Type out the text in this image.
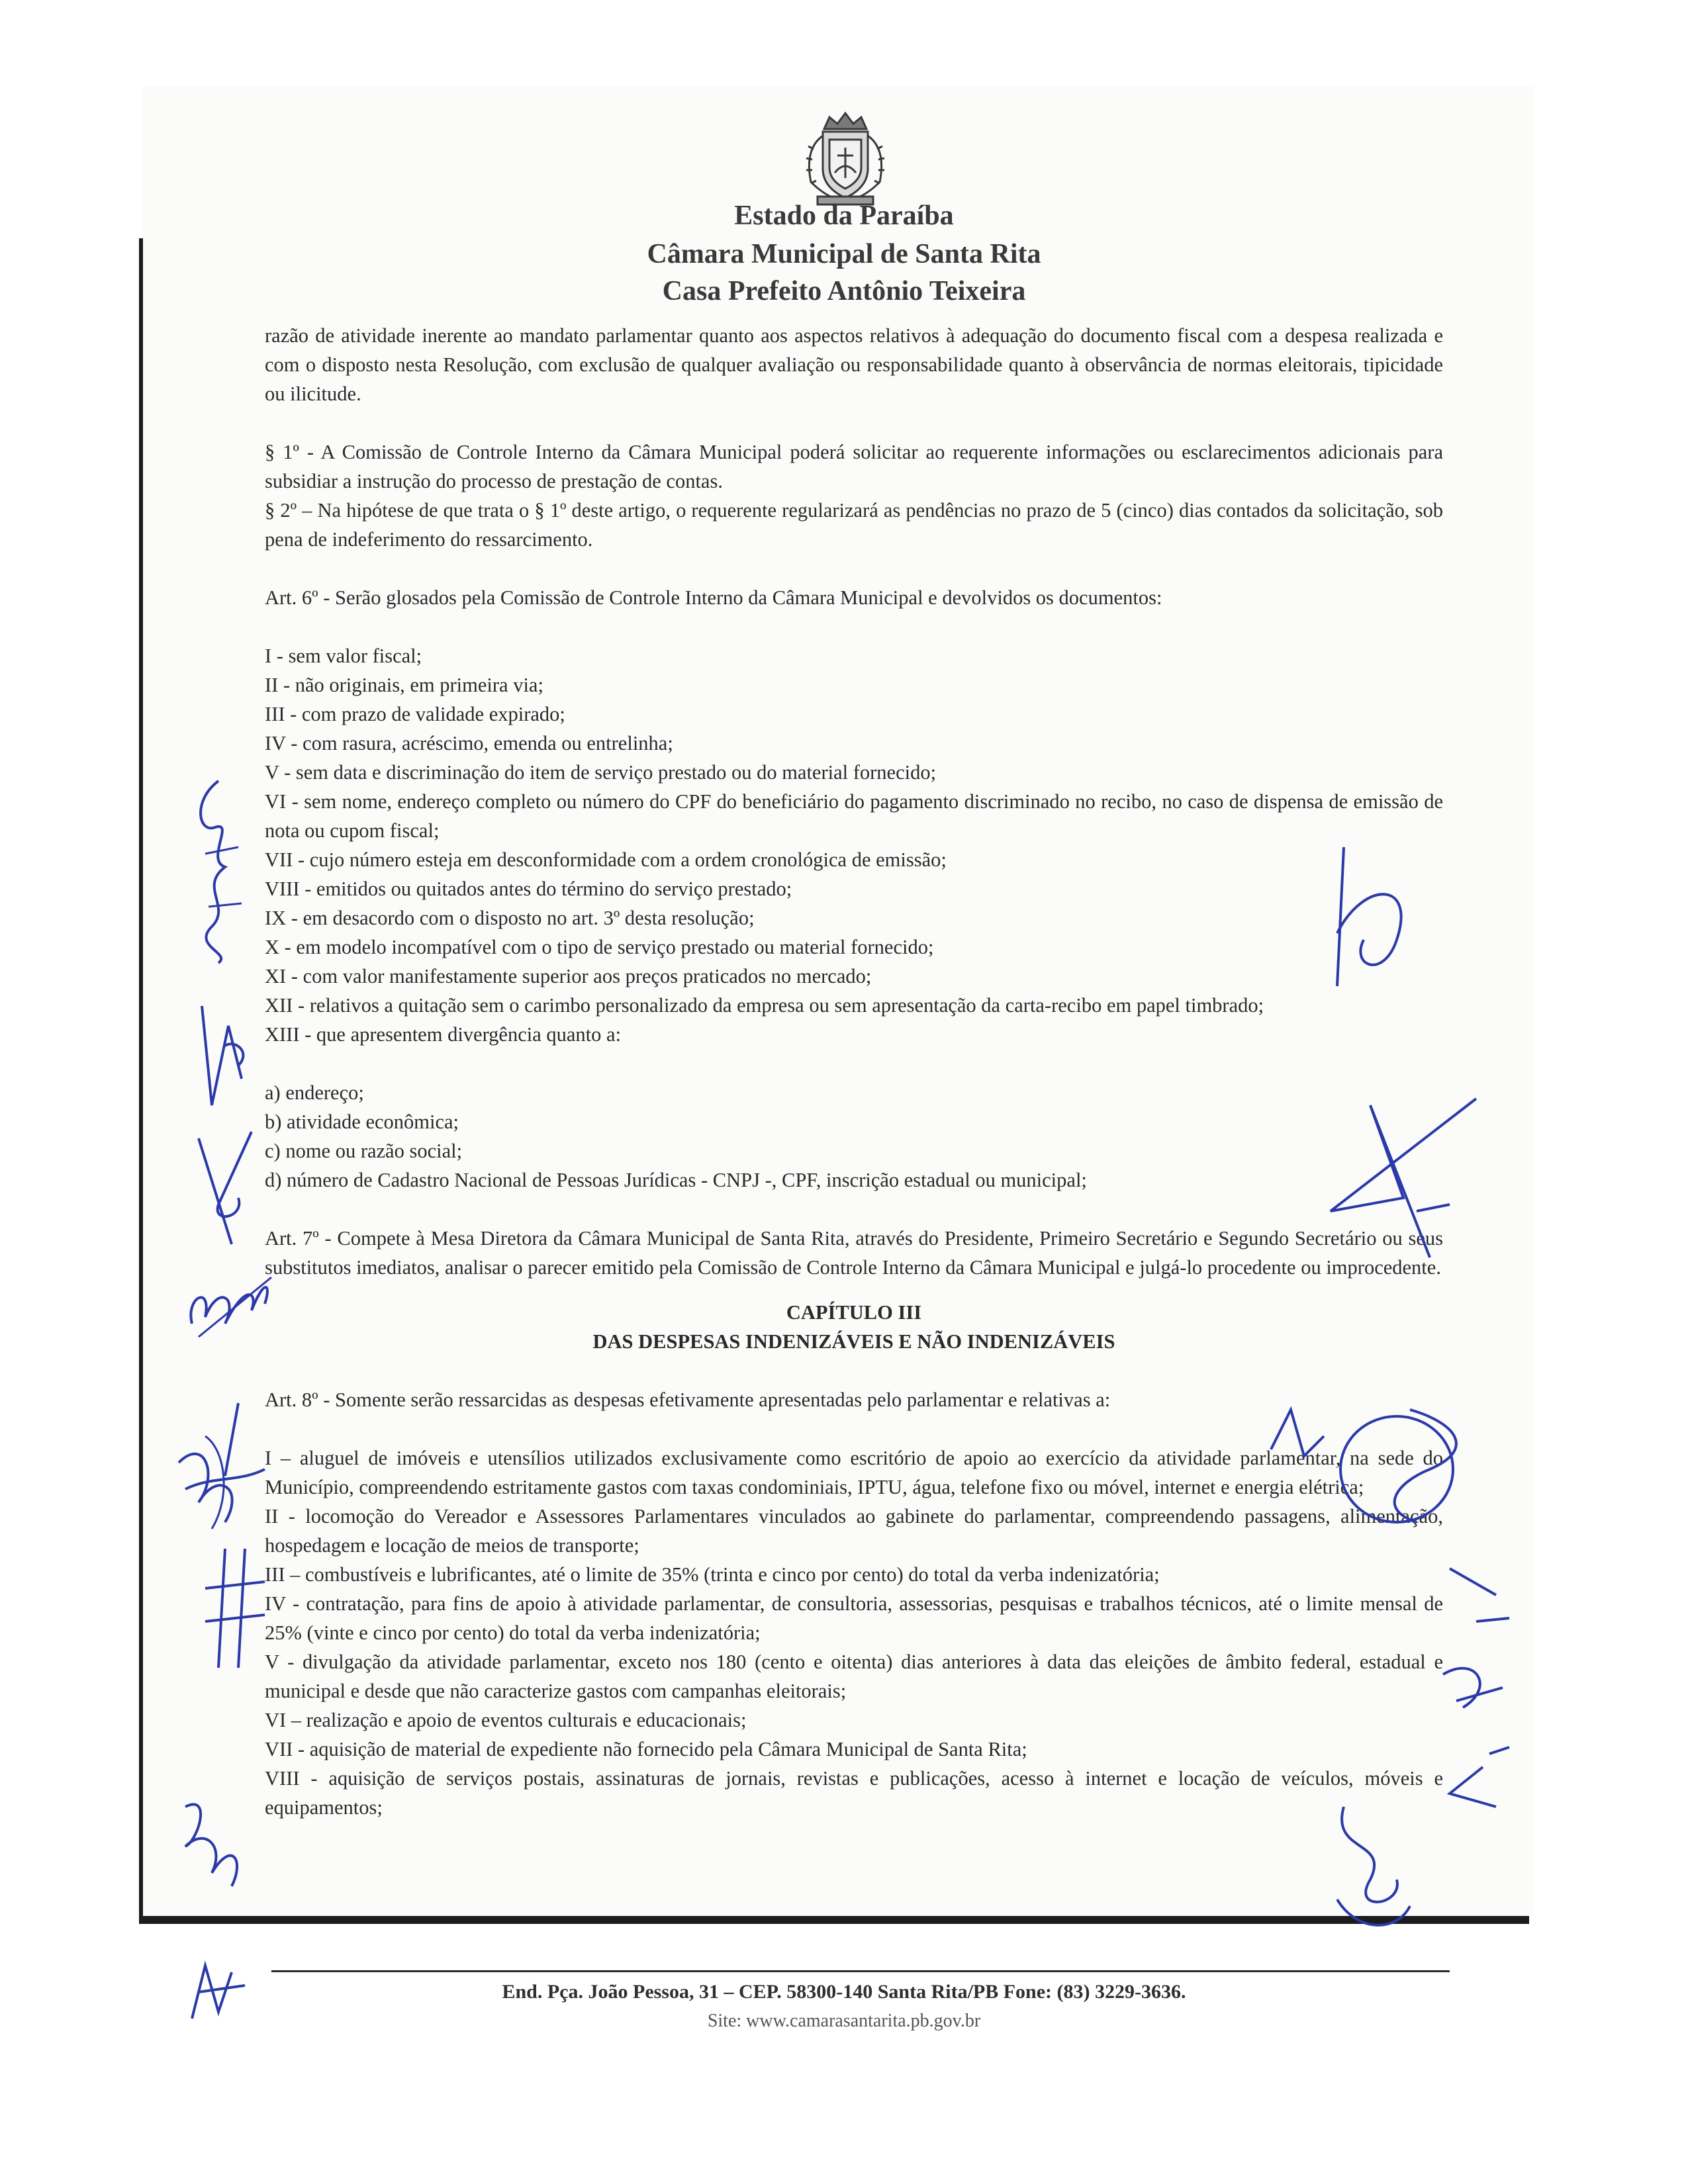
Estado da Paraíba
Câmara Municipal de Santa Rita
Casa Prefeito Antônio Teixeira

razão de atividade inerente ao mandato parlamentar quanto aos aspectos relativos à adequação do documento fiscal com a despesa realizada e com o disposto nesta Resolução, com exclusão de qualquer avaliação ou responsabilidade quanto à observância de normas eleitorais, tipicidade ou ilicitude.

§ 1º - A Comissão de Controle Interno da Câmara Municipal poderá solicitar ao requerente informações ou esclarecimentos adicionais para subsidiar a instrução do processo de prestação de contas.

§ 2º – Na hipótese de que trata o § 1º deste artigo, o requerente regularizará as pendências no prazo de 5 (cinco) dias contados da solicitação, sob pena de indeferimento do ressarcimento.

Art. 6º - Serão glosados pela Comissão de Controle Interno da Câmara Municipal e devolvidos os documentos:

I - sem valor fiscal;

II - não originais, em primeira via;

III - com prazo de validade expirado;

IV - com rasura, acréscimo, emenda ou entrelinha;

V - sem data e discriminação do item de serviço prestado ou do material fornecido;

VI - sem nome, endereço completo ou número do CPF do beneficiário do pagamento discriminado no recibo, no caso de dispensa de emissão de nota ou cupom fiscal;

VII - cujo número esteja em desconformidade com a ordem cronológica de emissão;

VIII - emitidos ou quitados antes do término do serviço prestado;

IX - em desacordo com o disposto no art. 3º desta resolução;

X - em modelo incompatível com o tipo de serviço prestado ou material fornecido;

XI - com valor manifestamente superior aos preços praticados no mercado;

XII - relativos a quitação sem o carimbo personalizado da empresa ou sem apresentação da carta-recibo em papel timbrado;

XIII - que apresentem divergência quanto a:

a) endereço;

b) atividade econômica;

c) nome ou razão social;

d) número de Cadastro Nacional de Pessoas Jurídicas - CNPJ -, CPF, inscrição estadual ou municipal;

Art. 7º - Compete à Mesa Diretora da Câmara Municipal de Santa Rita, através do Presidente, Primeiro Secretário e Segundo Secretário ou seus substitutos imediatos, analisar o parecer emitido pela Comissão de Controle Interno da Câmara Municipal e julgá-lo procedente ou improcedente.

CAPÍTULO III

DAS DESPESAS INDENIZÁVEIS E NÃO INDENIZÁVEIS

Art. 8º - Somente serão ressarcidas as despesas efetivamente apresentadas pelo parlamentar e relativas a:

I – aluguel de imóveis e utensílios utilizados exclusivamente como escritório de apoio ao exercício da atividade parlamentar, na sede do Município, compreendendo estritamente gastos com taxas condominiais, IPTU, água, telefone fixo ou móvel, internet e energia elétrica;

II - locomoção do Vereador e Assessores Parlamentares vinculados ao gabinete do parlamentar, compreendendo passagens, alimentação, hospedagem e locação de meios de transporte;

III – combustíveis e lubrificantes, até o limite de 35% (trinta e cinco por cento) do total da verba indenizatória;

IV - contratação, para fins de apoio à atividade parlamentar, de consultoria, assessorias, pesquisas e trabalhos técnicos, até o limite mensal de 25% (vinte e cinco por cento) do total da verba indenizatória;

V - divulgação da atividade parlamentar, exceto nos 180 (cento e oitenta) dias anteriores à data das eleições de âmbito federal, estadual e municipal e desde que não caracterize gastos com campanhas eleitorais;

VI – realização e apoio de eventos culturais e educacionais;

VII - aquisição de material de expediente não fornecido pela Câmara Municipal de Santa Rita;

VIII - aquisição de serviços postais, assinaturas de jornais, revistas e publicações, acesso à internet e locação de veículos, móveis e equipamentos;

End. Pça. João Pessoa, 31 – CEP. 58300-140 Santa Rita/PB Fone: (83) 3229-3636.
Site: www.camarasantarita.pb.gov.br
